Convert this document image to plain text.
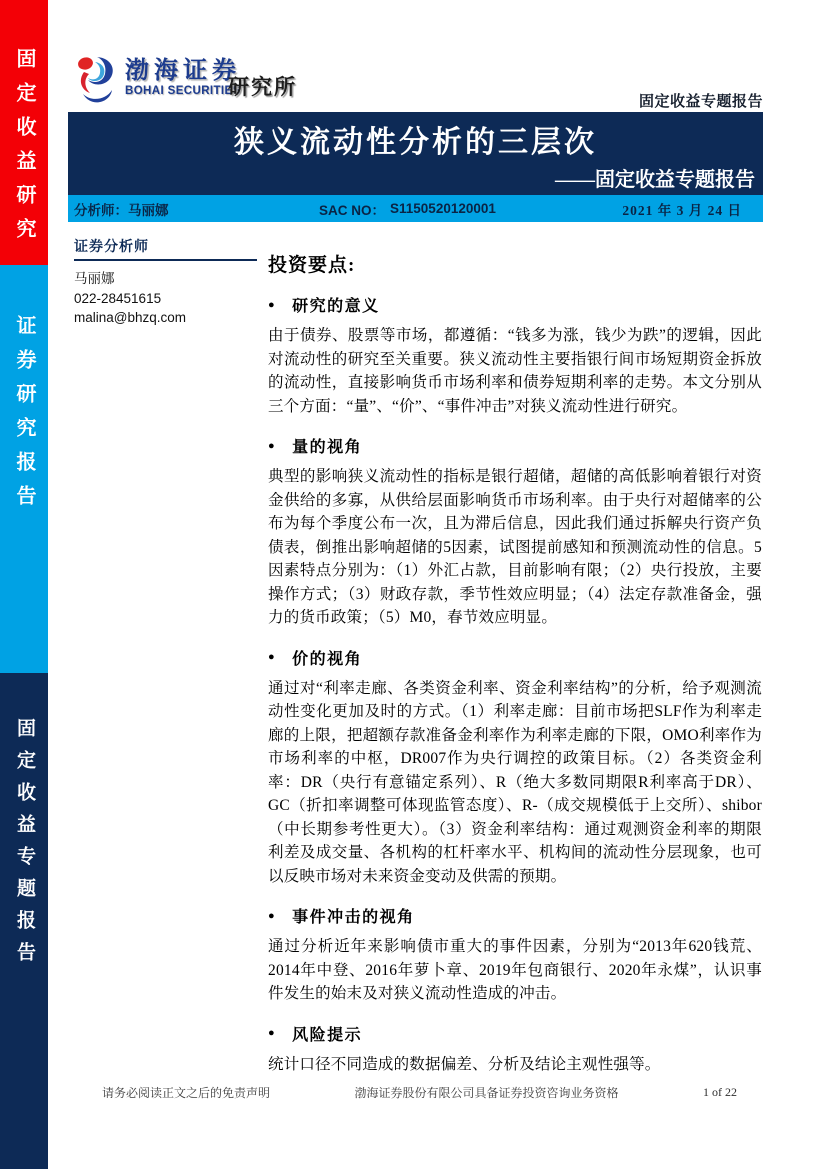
固定收益研究
证券研究报告
固定收益专题报告
渤海证券
BOHAI SECURITIES
研究所
固定收益专题报告
狭义流动性分析的三层次
——固定收益专题报告
分析师：马丽娜	SAC NO： S1150520120001	2021 年 3 月 24 日
证券分析师
马丽娜
022-28451615
malina@bhzq.com
投资要点:
● 研究的意义
由于债券、股票等市场，都遵循：“钱多为涨，钱少为跌”的逻辑，因此对流动性的研究至关重要。狭义流动性主要指银行间市场短期资金拆放的流动性，直接影响货币市场利率和债券短期利率的走势。本文分别从三个方面：“量”、“价”、“事件冲击”对狭义流动性进行研究。
● 量的视角
典型的影响狭义流动性的指标是银行超储，超储的高低影响着银行对资金供给的多寡，从供给层面影响货币市场利率。由于央行对超储率的公布为每个季度公布一次，且为滞后信息，因此我们通过拆解央行资产负债表，倒推出影响超储的5因素，试图提前感知和预测流动性的信息。5因素特点分别为：（1）外汇占款，目前影响有限；（2）央行投放，主要操作方式；（3）财政存款，季节性效应明显；（4）法定存款准备金，强力的货币政策；（5）M0，春节效应明显。
● 价的视角
通过对“利率走廊、各类资金利率、资金利率结构”的分析，给予观测流动性变化更加及时的方式。（1）利率走廊：目前市场把SLF作为利率走廊的上限，把超额存款准备金利率作为利率走廊的下限，OMO利率作为市场利率的中枢，DR007作为央行调控的政策目标。（2）各类资金利率：DR（央行有意锚定系列）、R（绝大多数同期限R利率高于DR）、GC（折扣率调整可体现监管态度）、R-（成交规模低于上交所）、shibor（中长期参考性更大）。（3）资金利率结构：通过观测资金利率的期限利差及成交量、各机构的杠杆率水平、机构间的流动性分层现象，也可以反映市场对未来资金变动及供需的预期。
● 事件冲击的视角
通过分析近年来影响债市重大的事件因素，分别为“2013年620钱荒、2014年中登、2016年萝卜章、2019年包商银行、2020年永煤”，认识事件发生的始末及对狭义流动性造成的冲击。
● 风险提示
统计口径不同造成的数据偏差、分析及结论主观性强等。
请务必阅读正文之后的免责声明	渤海证券股份有限公司具备证券投资咨询业务资格	1 of 22
